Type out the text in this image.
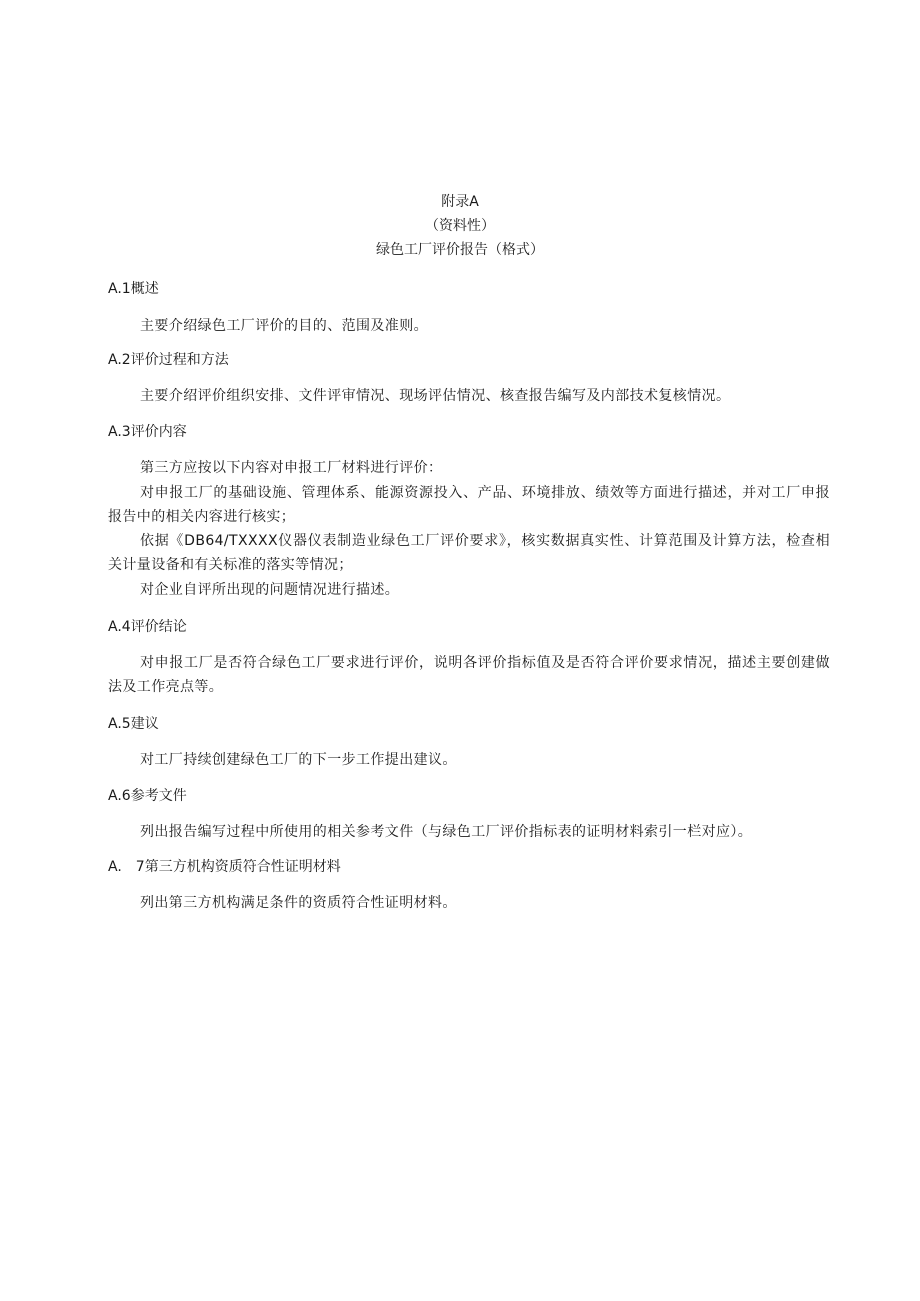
附录A
（资料性）
绿色工厂评价报告（格式）
A.1概述
主要介绍绿色工厂评价的目的、范围及准则。
A.2评价过程和方法
主要介绍评价组织安排、文件评审情况、现场评估情况、核查报告编写及内部技术复核情况。
A.3评价内容
第三方应按以下内容对申报工厂材料进行评价：
对申报工厂的基础设施、管理体系、能源资源投入、产品、环境排放、绩效等方面进行描述，并对工厂申报报告中的相关内容进行核实；
依据《DB64/TXXXX仪器仪表制造业绿色工厂评价要求》，核实数据真实性、计算范围及计算方法，检查相关计量设备和有关标准的落实等情况；
对企业自评所出现的问题情况进行描述。
A.4评价结论
对申报工厂是否符合绿色工厂要求进行评价，说明各评价指标值及是否符合评价要求情况，描述主要创建做法及工作亮点等。
A.5建议
对工厂持续创建绿色工厂的下一步工作提出建议。
A.6参考文件
列出报告编写过程中所使用的相关参考文件（与绿色工厂评价指标表的证明材料索引一栏对应）。
A.　7第三方机构资质符合性证明材料
列出第三方机构满足条件的资质符合性证明材料。
